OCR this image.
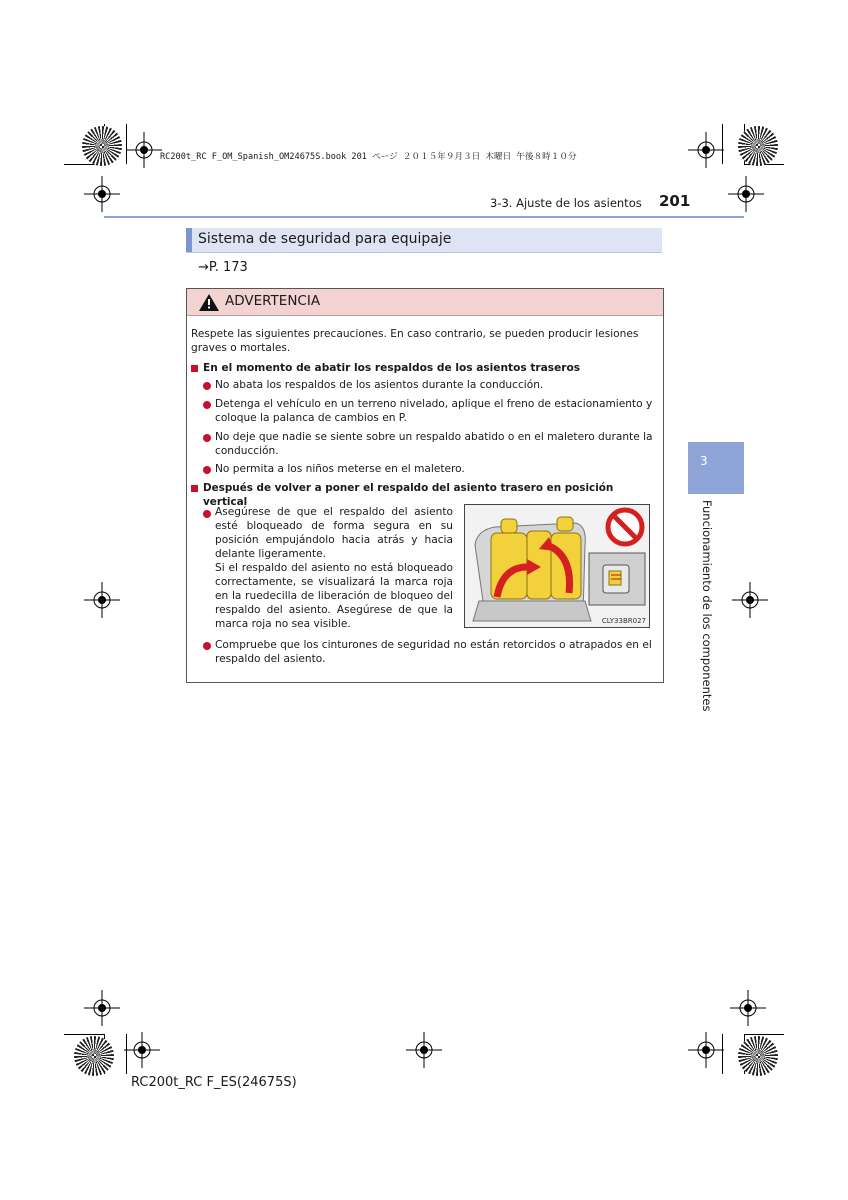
RC200t_RC F_OM_Spanish_OM24675S.book 201 ページ ２０１５年９月３日 木曜日 午後８時１０分
3-3. Ajuste de los asientos 201
Sistema de seguridad para equipaje
→P. 173
ADVERTENCIA
Respete las siguientes precauciones. En caso contrario, se pueden producir lesiones graves o mortales.
En el momento de abatir los respaldos de los asientos traseros
No abata los respaldos de los asientos durante la conducción.
Detenga el vehículo en un terreno nivelado, aplique el freno de estacionamiento y coloque la palanca de cambios en P.
No deje que nadie se siente sobre un respaldo abatido o en el maletero durante la conducción.
No permita a los niños meterse en el maletero.
Después de volver a poner el respaldo del asiento trasero en posición vertical
Asegúrese de que el respaldo del asiento esté bloqueado de forma segura en su posición empujándolo hacia atrás y hacia delante ligeramente.
Si el respaldo del asiento no está bloqueado correctamente, se visualizará la marca roja en la ruedecilla de liberación de bloqueo del respaldo del asiento. Asegúrese de que la marca roja no sea visible.
Compruebe que los cinturones de seguridad no están retorcidos o atrapados en el respaldo del asiento.
CLY33BR027
3
Funcionamiento de los componentes
RC200t_RC F_ES(24675S)
